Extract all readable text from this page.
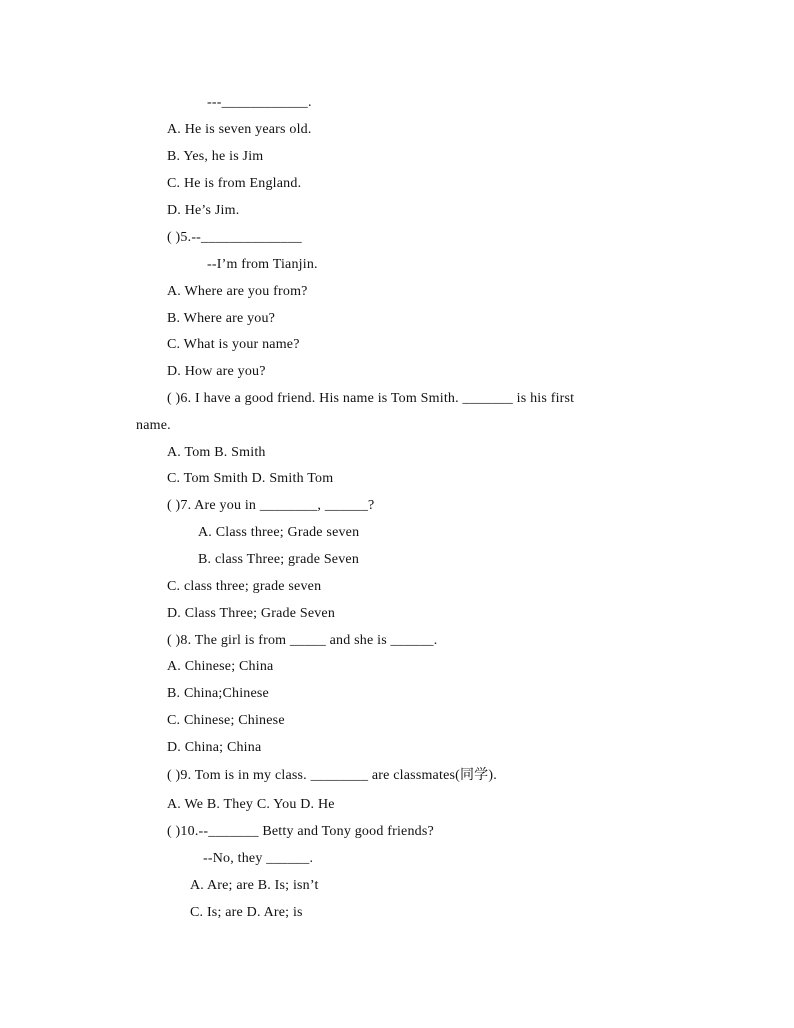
---____________.
A. He is seven years old.
B. Yes, he is Jim
C. He is from England.
D. He’s Jim.
( )5.--______________
--I’m from Tianjin.
A. Where are you from?
B. Where are you?
C. What is your name?
D. How are you?
( )6. I have a good friend. His name is Tom Smith. _______ is his first
name.
A. Tom B. Smith
C. Tom Smith D. Smith Tom
( )7. Are you in ________, ______?
A. Class three; Grade seven
B. class Three; grade Seven
C. class three; grade seven
D. Class Three; Grade Seven
( )8. The girl is from _____ and she is ______.
A. Chinese; China
B. China;Chinese
C. Chinese; Chinese
D. China; China
( )9. Tom is in my class. ________ are classmates(同学).
A. We B. They C. You D. He
( )10.--_______ Betty and Tony good friends?
--No, they ______.
A. Are; are B. Is; isn’t
C. Is; are D. Are; is
